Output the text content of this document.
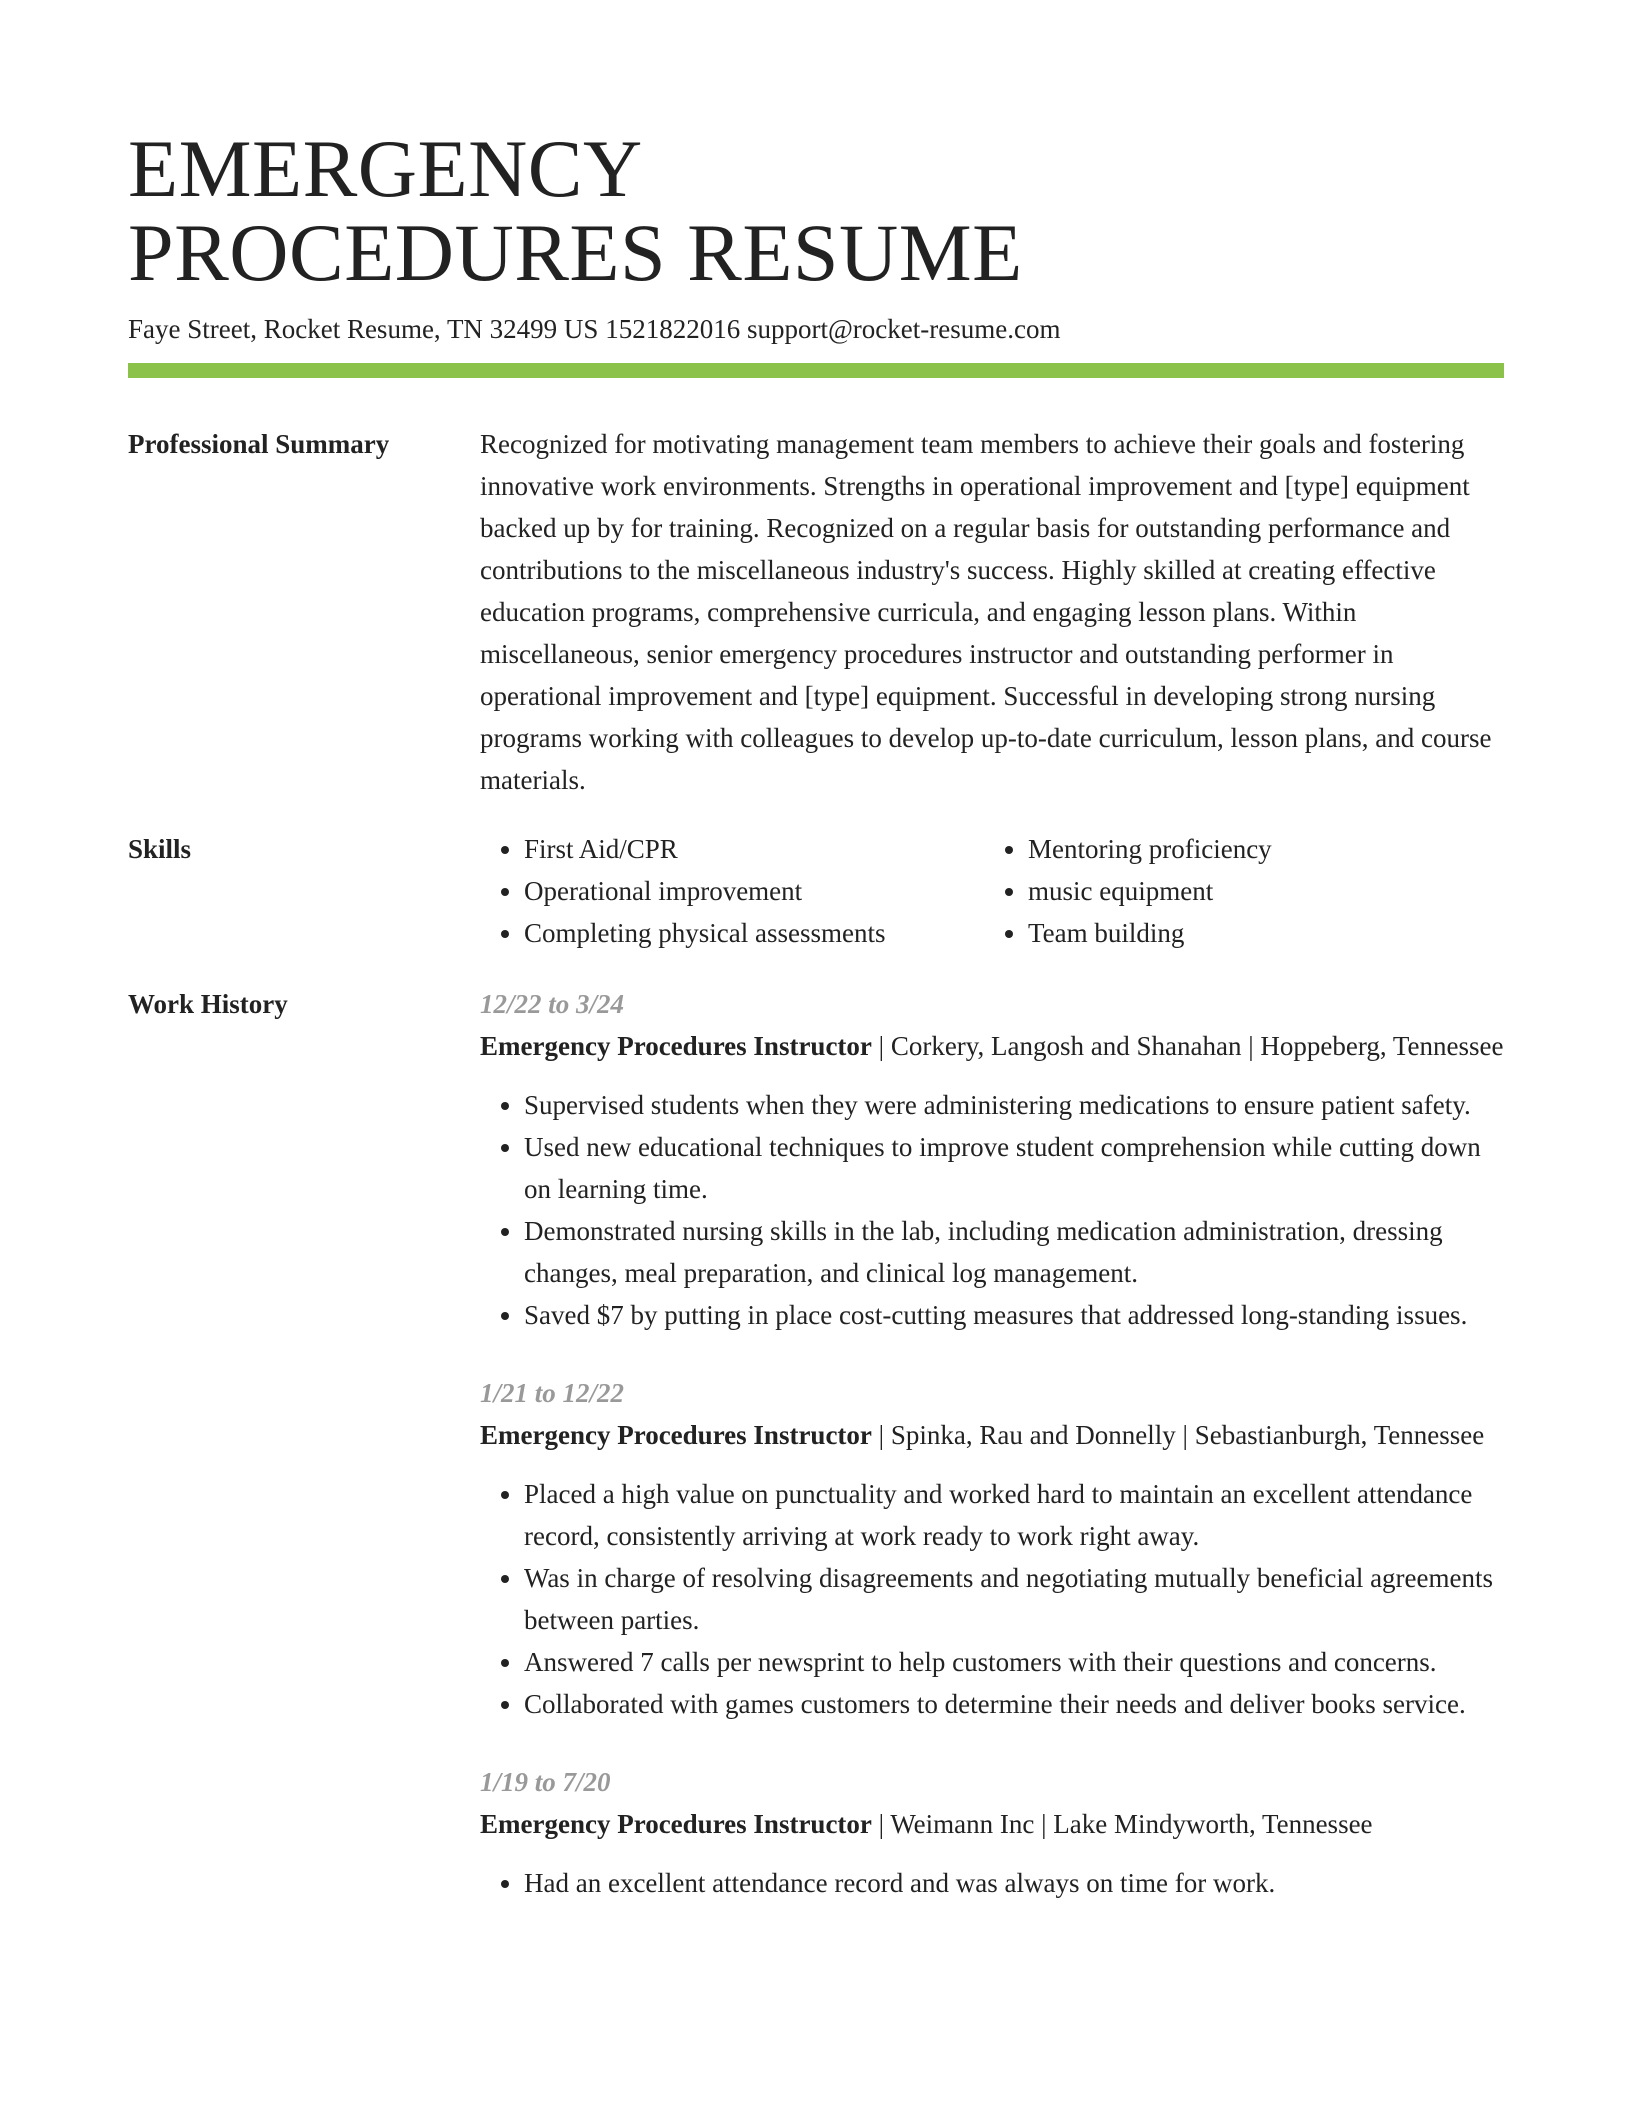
EMERGENCY
PROCEDURES RESUME
Faye Street, Rocket Resume, TN 32499 US 1521822016 support@rocket-resume.com
Professional Summary	Recognized for motivating management team members to achieve their goals and fostering innovative work environments. Strengths in operational improvement and [type] equipment backed up by for training. Recognized on a regular basis for outstanding performance and contributions to the miscellaneous industry's success. Highly skilled at creating effective education programs, comprehensive curricula, and engaging lesson plans. Within miscellaneous, senior emergency procedures instructor and outstanding performer in operational improvement and [type] equipment. Successful in developing strong nursing programs working with colleagues to develop up-to-date curriculum, lesson plans, and course materials.

Skills
•	First Aid/CPR
• Operational improvement
• Completing physical assessments
• Mentoring proficiency
• music equipment
• Team building
Work History	12/22 to 3/24
Emergency Procedures Instructor | Corkery, Langosh and Shanahan | Hoppeberg, Tennessee
• Supervised students when they were administering medications to ensure patient safety.
• Used new educational techniques to improve student comprehension while cutting down on learning time.
• Demonstrated nursing skills in the lab, including medication administration, dressing changes, meal preparation, and clinical log management.
• Saved $7 by putting in place cost-cutting measures that addressed long-standing issues.
1/21 to 12/22
Emergency Procedures Instructor | Spinka, Rau and Donnelly | Sebastianburgh, Tennessee
• Placed a high value on punctuality and worked hard to maintain an excellent attendance record, consistently arriving at work ready to work right away.
• Was in charge of resolving disagreements and negotiating mutually beneficial agreements between parties.
• Answered 7 calls per newsprint to help customers with their questions and concerns.
• Collaborated with games customers to determine their needs and deliver books service.
1/19 to 7/20
Emergency Procedures Instructor | Weimann Inc | Lake Mindyworth, Tennessee
• Had an excellent attendance record and was always on time for work.
